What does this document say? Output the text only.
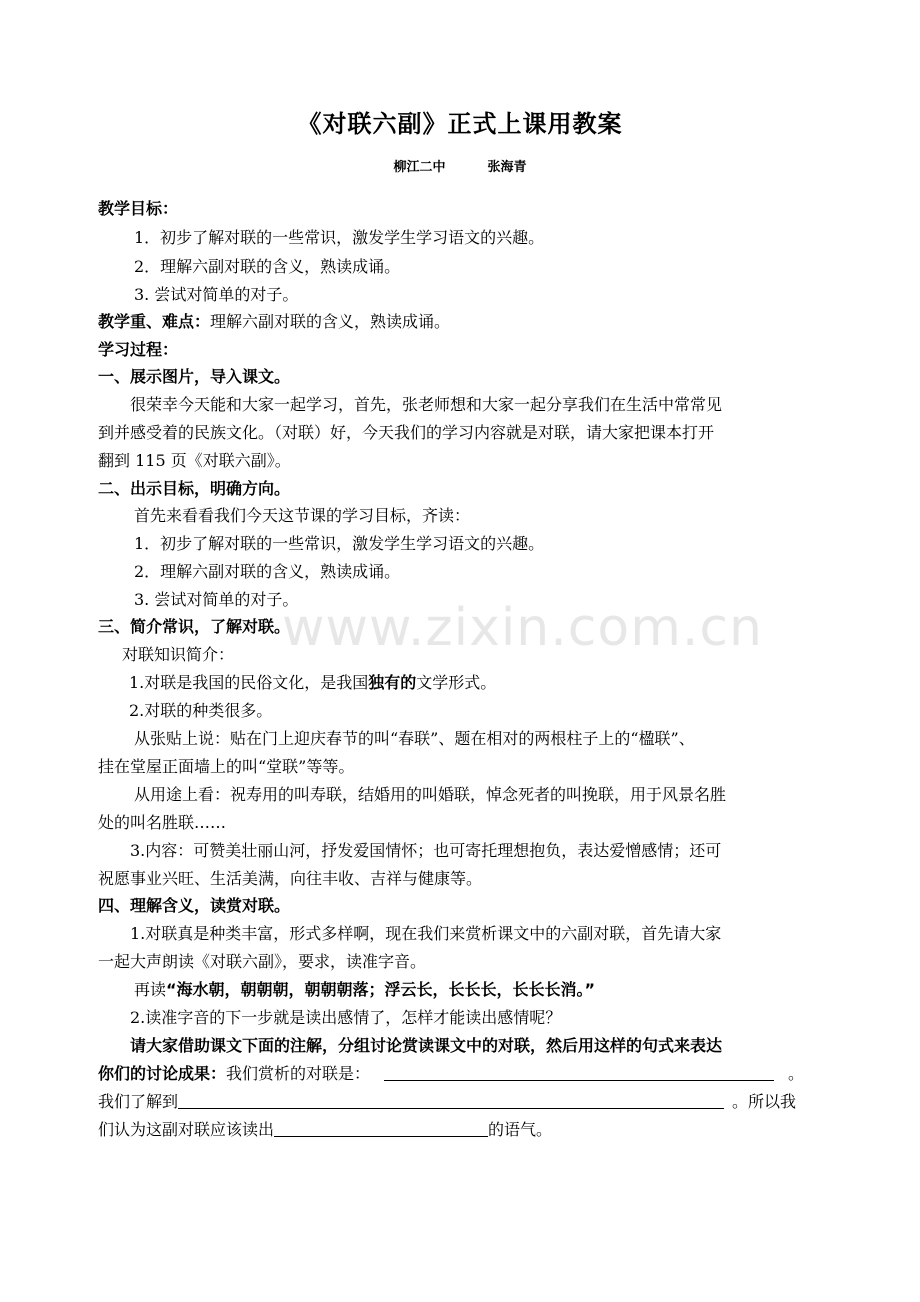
《对联六副》正式上课用教案
柳江二中	张海青
教学目标：
1．初步了解对联的一些常识，激发学生学习语文的兴趣。
2．理解六副对联的含义，熟读成诵。
3. 尝试对简单的对子。
教学重、难点：理解六副对联的含义，熟读成诵。
学习过程：
一、展示图片，导入课文。
很荣幸今天能和大家一起学习，首先，张老师想和大家一起分享我们在生活中常常见
到并感受着的民族文化。（对联）好，今天我们的学习内容就是对联，请大家把课本打开
翻到 115 页《对联六副》。
二、出示目标，明确方向。
首先来看看我们今天这节课的学习目标，齐读：
1．初步了解对联的一些常识，激发学生学习语文的兴趣。
2．理解六副对联的含义，熟读成诵。
3. 尝试对简单的对子。
三、简介常识，了解对联。
对联知识简介：
1.对联是我国的民俗文化，是我国独有的文学形式。
2.对联的种类很多。
从张贴上说：贴在门上迎庆春节的叫“春联”、题在相对的两根柱子上的“楹联”、
挂在堂屋正面墙上的叫“堂联”等等。
从用途上看：祝寿用的叫寿联，结婚用的叫婚联，悼念死者的叫挽联，用于风景名胜
处的叫名胜联……
3.内容：可赞美壮丽山河，抒发爱国情怀；也可寄托理想抱负，表达爱憎感情；还可
祝愿事业兴旺、生活美满，向往丰收、吉祥与健康等。
四、理解含义，读赏对联。
1.对联真是种类丰富，形式多样啊，现在我们来赏析课文中的六副对联，首先请大家
一起大声朗读《对联六副》，要求，读准字音。
再读“海水朝，朝朝朝，朝朝朝落；浮云长，长长长，长长长消。”
2.读准字音的下一步就是读出感情了，怎样才能读出感情呢？
请大家借助课文下面的注解，分组讨论赏读课文中的对联，然后用这样的句式来表达
你们的讨论成果：我们赏析的对联是：	。
我们了解到	。所以我
们认为这副对联应该读出	的语气。
www.zixin.com.cn
